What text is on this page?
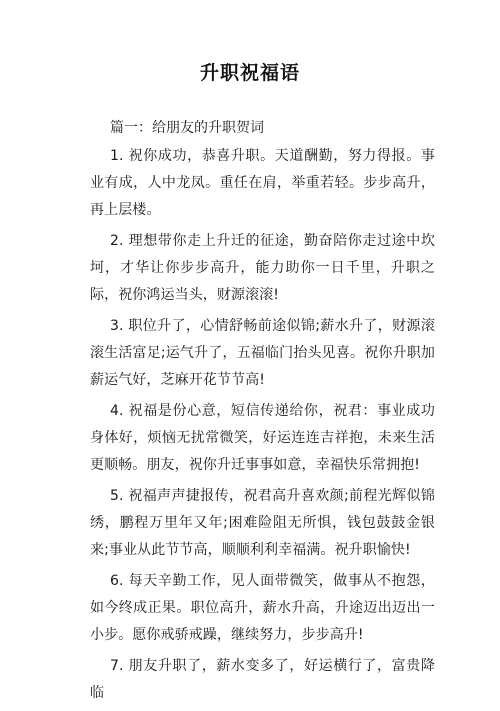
升职祝福语
篇一：给朋友的升职贺词

1. 祝你成功，恭喜升职。天道酬勤，努力得报。事业有成，人中龙凤。重任在肩，举重若轻。步步高升，再上层楼。

2. 理想带你走上升迁的征途，勤奋陪你走过途中坎坷，才华让你步步高升，能力助你一日千里，升职之际，祝你鸿运当头，财源滚滚!

3. 职位升了，心情舒畅前途似锦;薪水升了，财源滚滚生活富足;运气升了，五福临门抬头见喜。祝你升职加薪运气好，芝麻开花节节高!

4. 祝福是份心意，短信传递给你，祝君：事业成功身体好，烦恼无扰常微笑，好运连连吉祥抱，未来生活更顺畅。朋友，祝你升迁事事如意，幸福快乐常拥抱!

5. 祝福声声捷报传，祝君高升喜欢颜;前程光辉似锦绣，鹏程万里年又年;困难险阻无所惧，钱包鼓鼓金银来;事业从此节节高，顺顺利利幸福满。祝升职愉快!

6. 每天辛勤工作，见人面带微笑，做事从不抱怨，如今终成正果。职位高升，薪水升高，升途迈出迈出一小步。愿你戒骄戒躁，继续努力，步步高升!

7. 朋友升职了，薪水变多了，好运横行了，富贵降临
